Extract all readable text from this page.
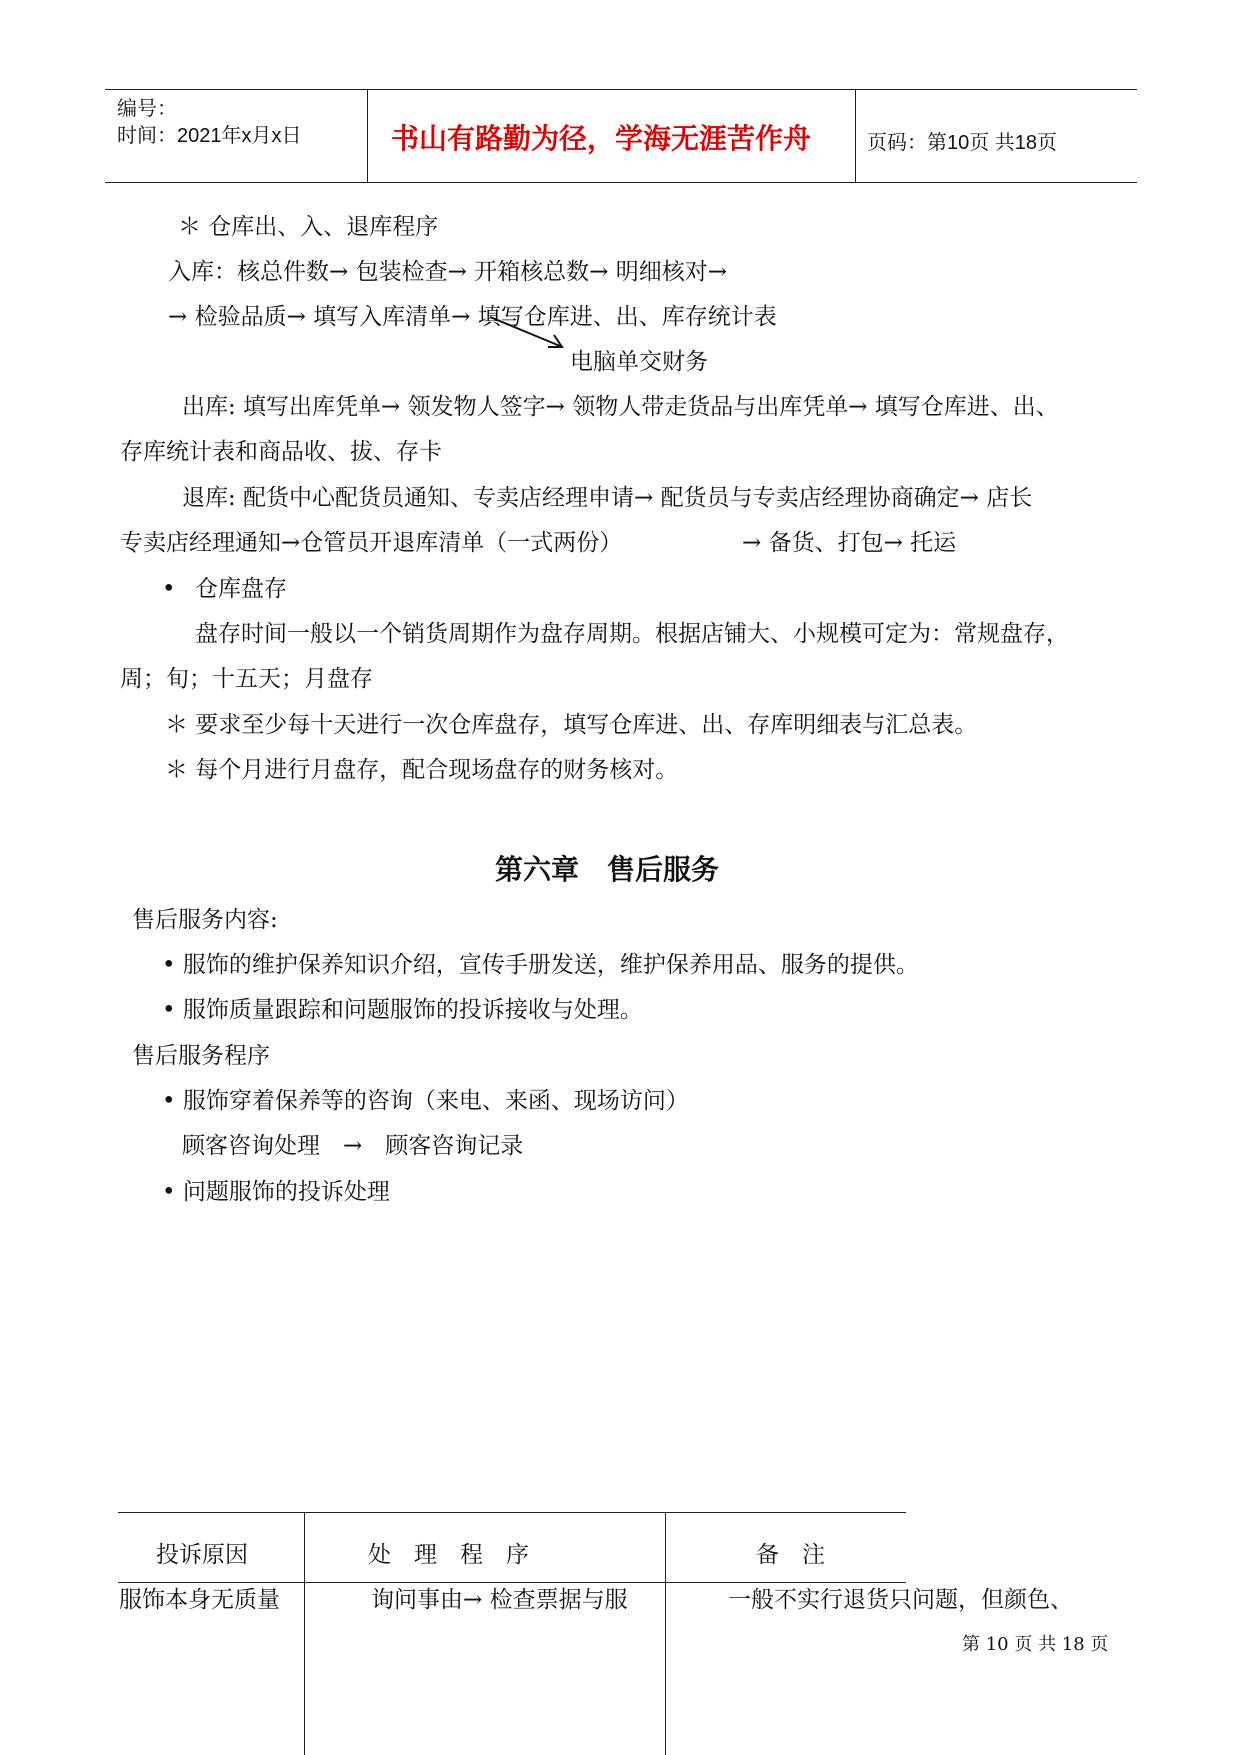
编号：
时间：2021年x月x日	书山有路勤为径，学海无涯苦作舟	页码：第10页 共18页
＊ 仓库出、入、退库程序
入库：核总件数→ 包装检查→ 开箱核总数→ 明细核对→
→ 检验品质→ 填写入库清单→ 填写仓库进、出、库存统计表
电脑单交财务
出库: 填写出库凭单→ 领发物人签字→ 领物人带走货品与出库凭单→ 填写仓库进、出、
存库统计表和商品收、拔、存卡
退库: 配货中心配货员通知、专卖店经理申请→ 配货员与专卖店经理协商确定→ 店长
专卖店经理通知→仓管员开退库清单（一式两份）	→ 备货、打包→ 托运
• 仓库盘存
盘存时间一般以一个销货周期作为盘存周期。根据店铺大、小规模可定为：常规盘存，
周；旬；十五天；月盘存
＊ 要求至少每十天进行一次仓库盘存，填写仓库进、出、存库明细表与汇总表。
＊ 每个月进行月盘存，配合现场盘存的财务核对。
第六章　售后服务
售后服务内容:
• 服饰的维护保养知识介绍，宣传手册发送，维护保养用品、服务的提供。
• 服饰质量跟踪和问题服饰的投诉接收与处理。
售后服务程序
• 服饰穿着保养等的咨询（来电、来函、现场访问）
顾客咨询处理　→　顾客咨询记录
• 问题服饰的投诉处理
投诉原因	处　理　程　序	备　注
服饰本身无质量	询问事由→ 检查票据与服	一般不实行退货只问题，但颜色、
第 10 页 共 18 页
